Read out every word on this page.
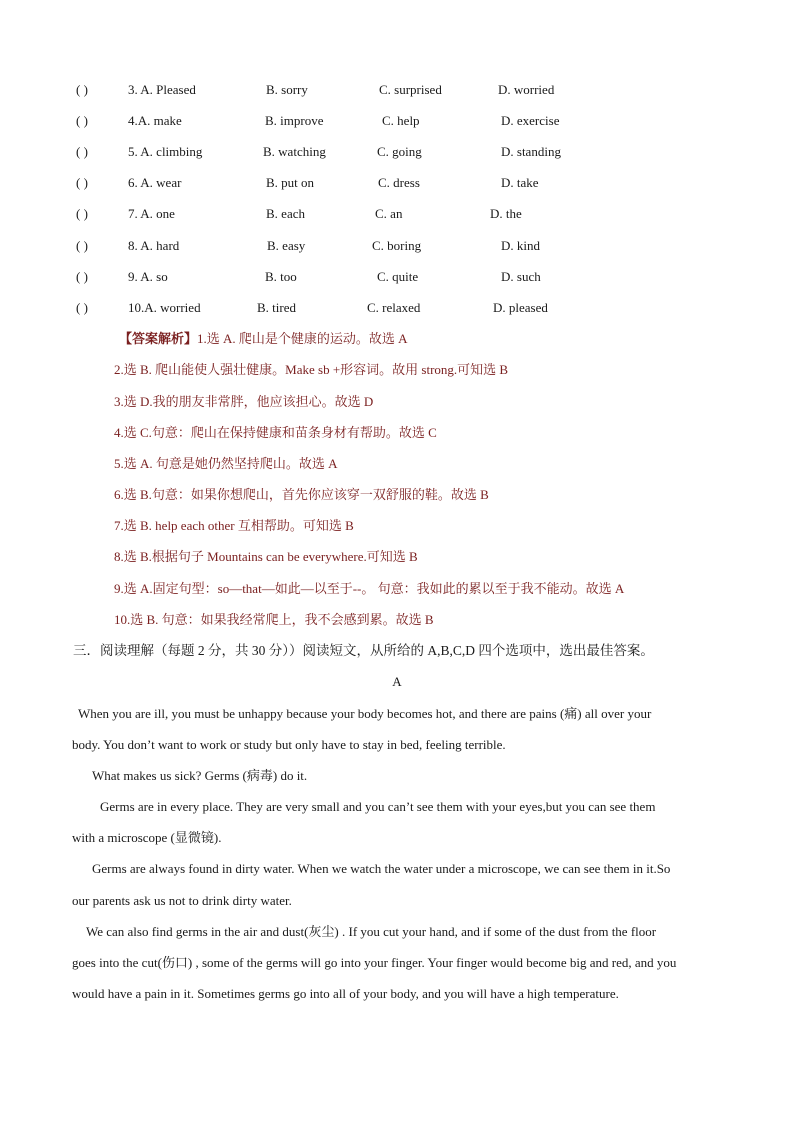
( )	3. A. Pleased	B. sorry	C. surprised	D. worried
( )	4.A. make	B. improve	C. help	D. exercise
( )	5. A. climbing	B. watching	C. going	D. standing
( )	6. A. wear	B. put on	C. dress	D. take
( )	7. A. one	B. each	C. an	D. the
( )	8. A. hard	B. easy	C. boring	D. kind
( )	9. A. so	B. too	C. quite	D. such
( )	10.A. worried	B. tired	C. relaxed	D. pleased
【答案解析】1.选 A. 爬山是个健康的运动。故选 A
2.选 B. 爬山能使人强壮健康。Make sb +形容词。故用 strong.可知选 B
3.选 D.我的朋友非常胖，他应该担心。故选 D
4.选 C.句意：爬山在保持健康和苗条身材有帮助。故选 C
5.选 A. 句意是她仍然坚持爬山。故选 A
6.选 B.句意：如果你想爬山，首先你应该穿一双舒服的鞋。故选 B
7.选 B. help each other 互相帮助。可知选 B
8.选 B.根据句子 Mountains can be everywhere.可知选 B
9.选 A.固定句型：so—that—如此—以至于--。 句意：我如此的累以至于我不能动。故选 A
10.选 B. 句意：如果我经常爬上，我不会感到累。故选 B
三．阅读理解（每题 2 分，共 30 分））阅读短文，从所给的 A,B,C,D 四个选项中，选出最佳答案。
A
When you are ill, you must be unhappy because your body becomes hot, and there are pains (痛) all over your
body. You don’t want to work or study but only have to stay in bed, feeling terrible.
What makes us sick? Germs (病毒) do it.
Germs are in every place. They are very small and you can’t see them with your eyes,but you can see them
with a microscope (显微镜).
Germs are always found in dirty water. When we watch the water under a microscope, we can see them in it.So
our parents ask us not to drink dirty water.
We can also find germs in the air and dust(灰尘) . If you cut your hand, and if some of the dust from the floor
goes into the cut(伤口) , some of the germs will go into your finger. Your finger would become big and red, and you
would have a pain in it. Sometimes germs go into all of your body, and you will have a high temperature.
